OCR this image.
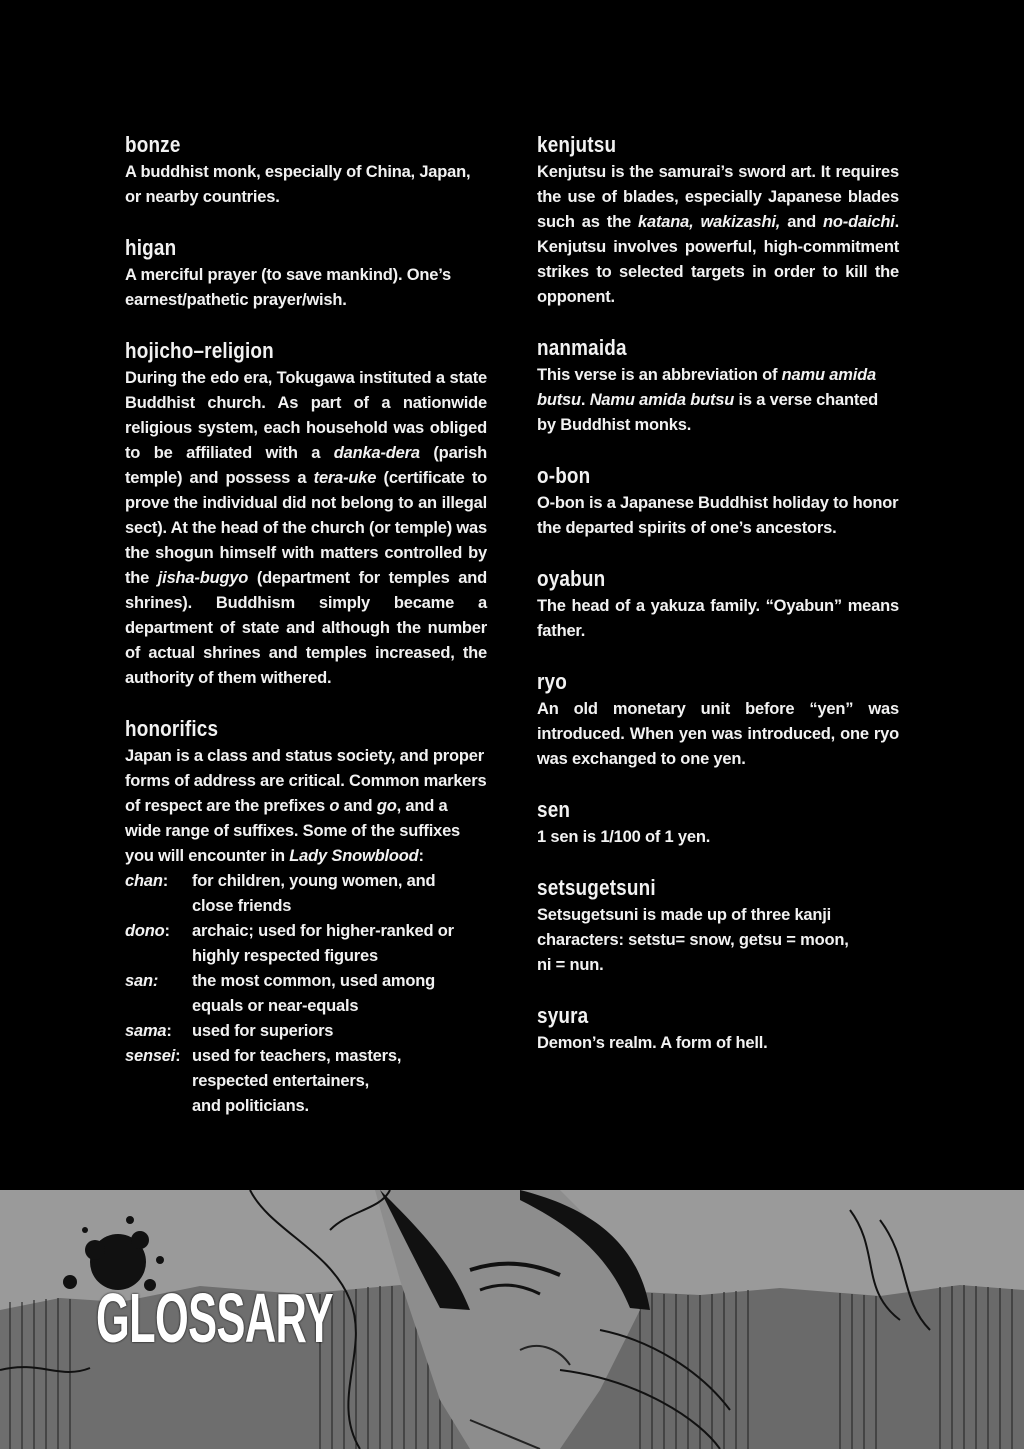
bonze
A buddhist monk, especially of China, Japan, or nearby countries.
higan
A merciful prayer (to save mankind). One’s earnest/pathetic prayer/wish.
hojicho–religion
During the edo era, Tokugawa instituted a state Buddhist church. As part of a nationwide religious system, each household was obliged to be affiliated with a danka-dera (parish temple) and possess a tera-uke (certificate to prove the individual did not belong to an illegal sect). At the head of the church (or temple) was the shogun himself with matters controlled by the jisha-bugyo (department for temples and shrines). Buddhism simply became a department of state and although the number of actual shrines and temples increased, the authority of them withered.
honorifics
Japan is a class and status society, and proper forms of address are critical. Common markers of respect are the prefixes o and go, and a wide range of suffixes. Some of the suffixes you will encounter in Lady Snowblood:
chan:	for children, young women, and
close friends
dono:	archaic; used for higher-ranked or
highly respected figures
san:	the most common, used among
equals or near-equals
sama:	used for superiors
sensei: used for teachers, masters,
respected entertainers,
and politicians.
kenjutsu
Kenjutsu is the samurai’s sword art. It requires the use of blades, especially Japanese blades such as the katana, wakizashi, and no-daichi. Kenjutsu involves powerful, high-commitment strikes to selected targets in order to kill the opponent.
nanmaida
This verse is an abbreviation of namu amida butsu. Namu amida butsu is a verse chanted by Buddhist monks.
o-bon
O-bon is a Japanese Buddhist holiday to honor the departed spirits of one’s ancestors.
oyabun
The head of a yakuza family. “Oyabun” means father.
ryo
An old monetary unit before “yen” was introduced. When yen was introduced, one ryo was exchanged to one yen.
sen
1 sen is 1/100 of 1 yen.
setsugetsuni
Setsugetsuni is made up of three kanji
characters: setstu= snow, getsu = moon,
ni = nun.
syura
Demon’s realm. A form of hell.
GLOSSARY
